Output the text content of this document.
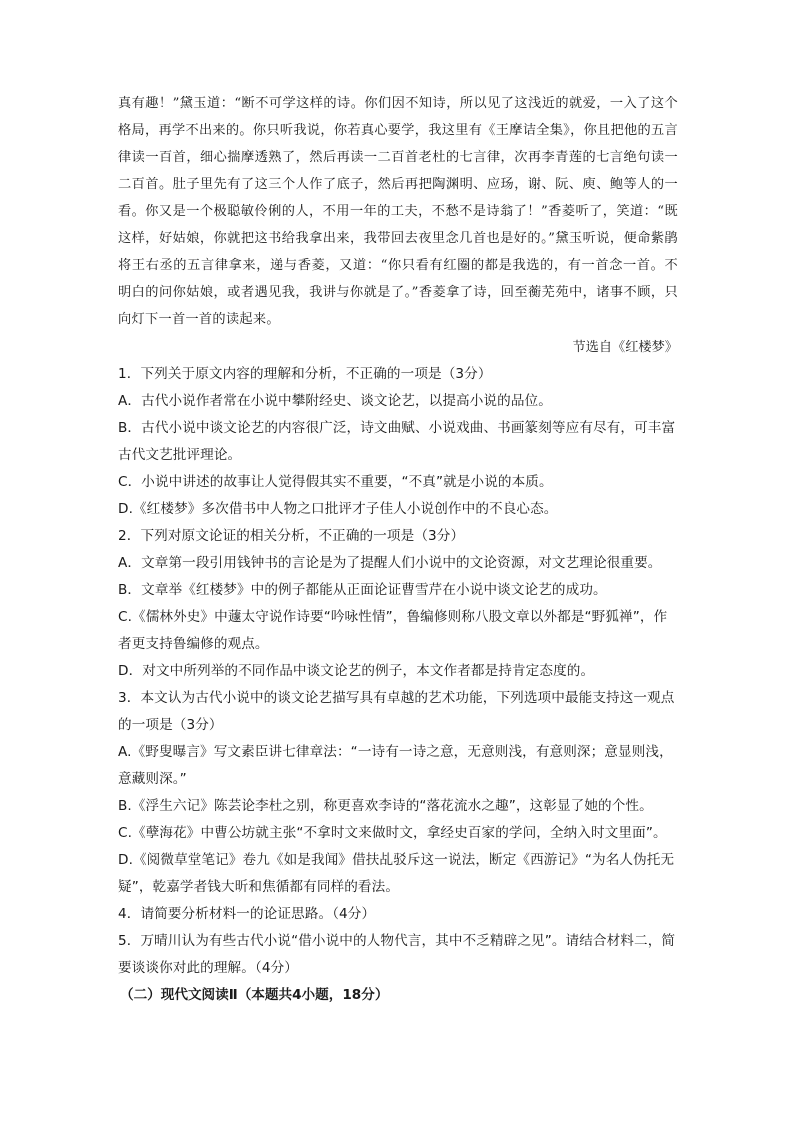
真有趣！”黛玉道：“断不可学这样的诗。你们因不知诗，所以见了这浅近的就爱，一入了这个格局，再学不出来的。你只听我说，你若真心要学，我这里有《王摩诘全集》，你且把他的五言律读一百首，细心揣摩透熟了，然后再读一二百首老杜的七言律，次再李青莲的七言绝句读一二百首。肚子里先有了这三个人作了底子，然后再把陶渊明、应玚，谢、阮、庾、鲍等人的一看。你又是一个极聪敏伶俐的人，不用一年的工夫，不愁不是诗翁了！”香菱听了，笑道：“既这样，好姑娘，你就把这书给我拿出来，我带回去夜里念几首也是好的。”黛玉听说，便命紫鹃将王右丞的五言律拿来，递与香菱，又道：“你只看有红圈的都是我选的，有一首念一首。不明白的问你姑娘，或者遇见我，我讲与你就是了。”香菱拿了诗，回至蘅芜苑中，诸事不顾，只向灯下一首一首的读起来。
节选自《红楼梦》

1．下列关于原文内容的理解和分析，不正确的一项是（3分）

A．古代小说作者常在小说中攀附经史、谈文论艺，以提高小说的品位。

B．古代小说中谈文论艺的内容很广泛，诗文曲赋、小说戏曲、书画篆刻等应有尽有，可丰富古代文艺批评理论。

C．小说中讲述的故事让人觉得假其实不重要，“不真”就是小说的本质。

D.《红楼梦》多次借书中人物之口批评才子佳人小说创作中的不良心态。

2．下列对原文论证的相关分析，不正确的一项是（3分）

A．文章第一段引用钱钟书的言论是为了提醒人们小说中的文论资源，对文艺理论很重要。

B．文章举《红楼梦》中的例子都能从正面论证曹雪芹在小说中谈文论艺的成功。

C.《儒林外史》中蘧太守说作诗要“吟咏性情”，鲁编修则称八股文章以外都是“野狐禅”，作者更支持鲁编修的观点。

D．对文中所列举的不同作品中谈文论艺的例子，本文作者都是持肯定态度的。

3．本文认为古代小说中的谈文论艺描写具有卓越的艺术功能，下列选项中最能支持这一观点的一项是（3分）

A.《野叟曝言》写文素臣讲七律章法：“一诗有一诗之意，无意则浅，有意则深；意显则浅，意藏则深。”

B.《浮生六记》陈芸论李杜之别，称更喜欢李诗的“落花流水之趣”，这彰显了她的个性。

C.《孽海花》中曹公坊就主张“不拿时文来做时文，拿经史百家的学问，全纳入时文里面”。

D.《阅微草堂笔记》卷九《如是我闻》借扶乩驳斥这一说法，断定《西游记》“为名人伪托无疑”，乾嘉学者钱大昕和焦循都有同样的看法。

4．请简要分析材料一的论证思路。（4分）

5．万晴川认为有些古代小说“借小说中的人物代言，其中不乏精辟之见”。请结合材料二，简要谈谈你对此的理解。（4分）

（二）现代文阅读Ⅱ（本题共4小题，18分）
